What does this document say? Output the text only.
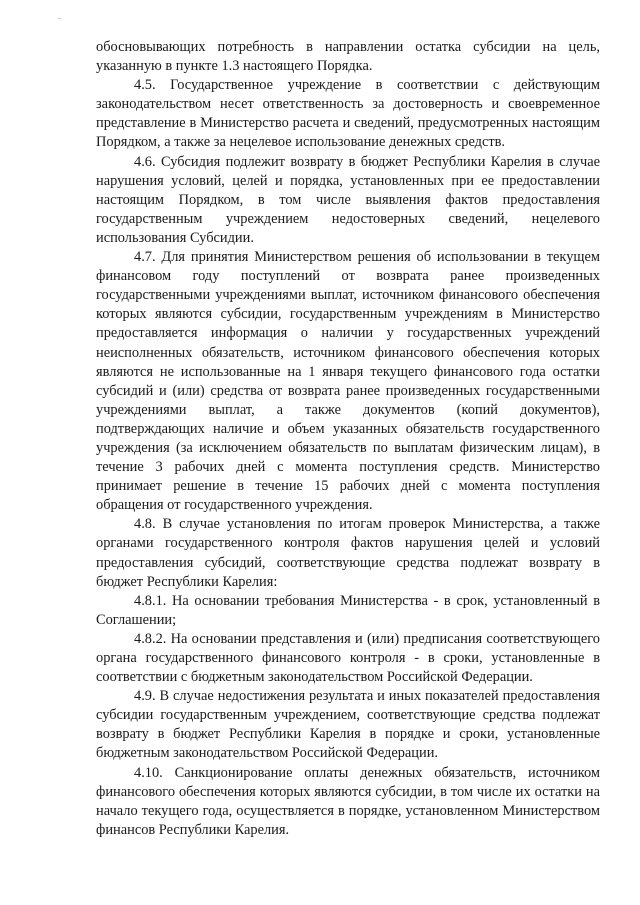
обосновывающих потребность в направлении остатка субсидии на цель, указанную в пункте 1.3 настоящего Порядка.

4.5. Государственное учреждение в соответствии с действующим законодательством несет ответственность за достоверность и своевременное представление в Министерство расчета и сведений, предусмотренных настоящим Порядком, а также за нецелевое использование денежных средств.

4.6. Субсидия подлежит возврату в бюджет Республики Карелия в случае нарушения условий, целей и порядка, установленных при ее предоставлении настоящим Порядком, в том числе выявления фактов предоставления государственным учреждением недостоверных сведений, нецелевого использования Субсидии.

4.7. Для принятия Министерством решения об использовании в текущем финансовом году поступлений от возврата ранее произведенных государственными учреждениями выплат, источником финансового обеспечения которых являются субсидии, государственным учреждениям в Министерство предоставляется информация о наличии у государственных учреждений неисполненных обязательств, источником финансового обеспечения которых являются не использованные на 1 января текущего финансового года остатки субсидий и (или) средства от возврата ранее произведенных государственными учреждениями выплат, а также документов (копий документов), подтверждающих наличие и объем указанных обязательств государственного учреждения (за исключением обязательств по выплатам физическим лицам), в течение 3 рабочих дней с момента поступления средств. Министерство принимает решение в течение 15 рабочих дней с момента поступления обращения от государственного учреждения.

4.8. В случае установления по итогам проверок Министерства, а также органами государственного контроля фактов нарушения целей и условий предоставления субсидий, соответствующие средства подлежат возврату в бюджет Республики Карелия:

4.8.1. На основании требования Министерства - в срок, установленный в Соглашении;

4.8.2. На основании представления и (или) предписания соответствующего органа государственного финансового контроля - в сроки, установленные в соответствии с бюджетным законодательством Российской Федерации.

4.9. В случае недостижения результата и иных показателей предоставления субсидии государственным учреждением, соответствующие средства подлежат возврату в бюджет Республики Карелия в порядке и сроки, установленные бюджетным законодательством Российской Федерации.

4.10. Санкционирование оплаты денежных обязательств, источником финансового обеспечения которых являются субсидии, в том числе их остатки на начало текущего года, осуществляется в порядке, установленном Министерством финансов Республики Карелия.
